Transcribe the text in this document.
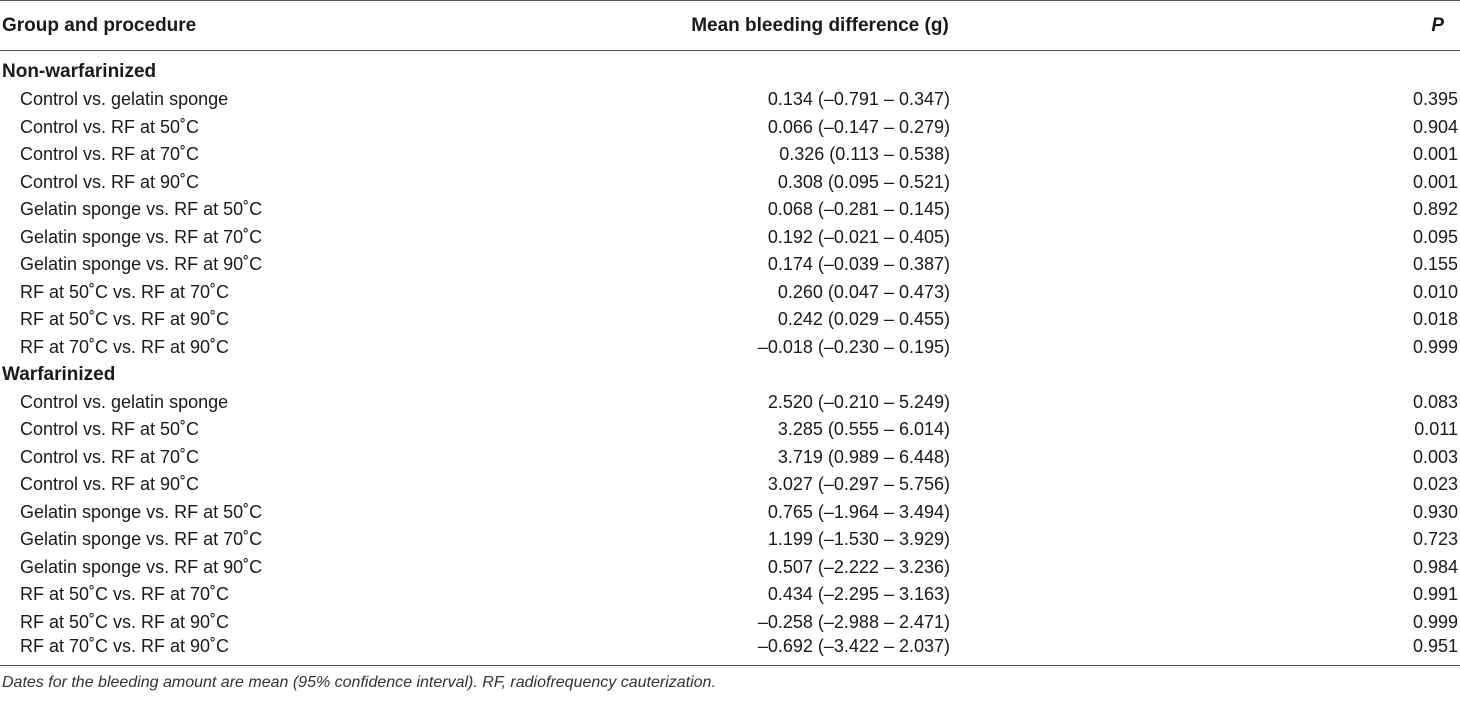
Group and procedure	Mean bleeding difference (g)	P
Non-warfarinized		
Control vs. gelatin sponge	0.134 (–0.791 – 0.347)	0.395
Control vs. RF at 50˚C	0.066 (–0.147 – 0.279)	0.904
Control vs. RF at 70˚C	0.326 (0.113 – 0.538)	0.001
Control vs. RF at 90˚C	0.308 (0.095 – 0.521)	0.001
Gelatin sponge vs. RF at 50˚C	0.068 (–0.281 – 0.145)	0.892
Gelatin sponge vs. RF at 70˚C	0.192 (–0.021 – 0.405)	0.095
Gelatin sponge vs. RF at 90˚C	0.174 (–0.039 – 0.387)	0.155
RF at 50˚C vs. RF at 70˚C	0.260 (0.047 – 0.473)	0.010
RF at 50˚C vs. RF at 90˚C	0.242 (0.029 – 0.455)	0.018
RF at 70˚C vs. RF at 90˚C	–0.018 (–0.230 – 0.195)	0.999
Warfarinized		
Control vs. gelatin sponge	2.520 (–0.210 – 5.249)	0.083
Control vs. RF at 50˚C	3.285 (0.555 – 6.014)	0.011
Control vs. RF at 70˚C	3.719 (0.989 – 6.448)	0.003
Control vs. RF at 90˚C	3.027 (–0.297 – 5.756)	0.023
Gelatin sponge vs. RF at 50˚C	0.765 (–1.964 – 3.494)	0.930
Gelatin sponge vs. RF at 70˚C	1.199 (–1.530 – 3.929)	0.723
Gelatin sponge vs. RF at 90˚C	0.507 (–2.222 – 3.236)	0.984
RF at 50˚C vs. RF at 70˚C	0.434 (–2.295 – 3.163)	0.991
RF at 50˚C vs. RF at 90˚C	–0.258 (–2.988 – 2.471)	0.999
RF at 70˚C vs. RF at 90˚C	–0.692 (–3.422 – 2.037)	0.951
Dates for the bleeding amount are mean (95% confidence interval). RF, radiofrequency cauterization.
